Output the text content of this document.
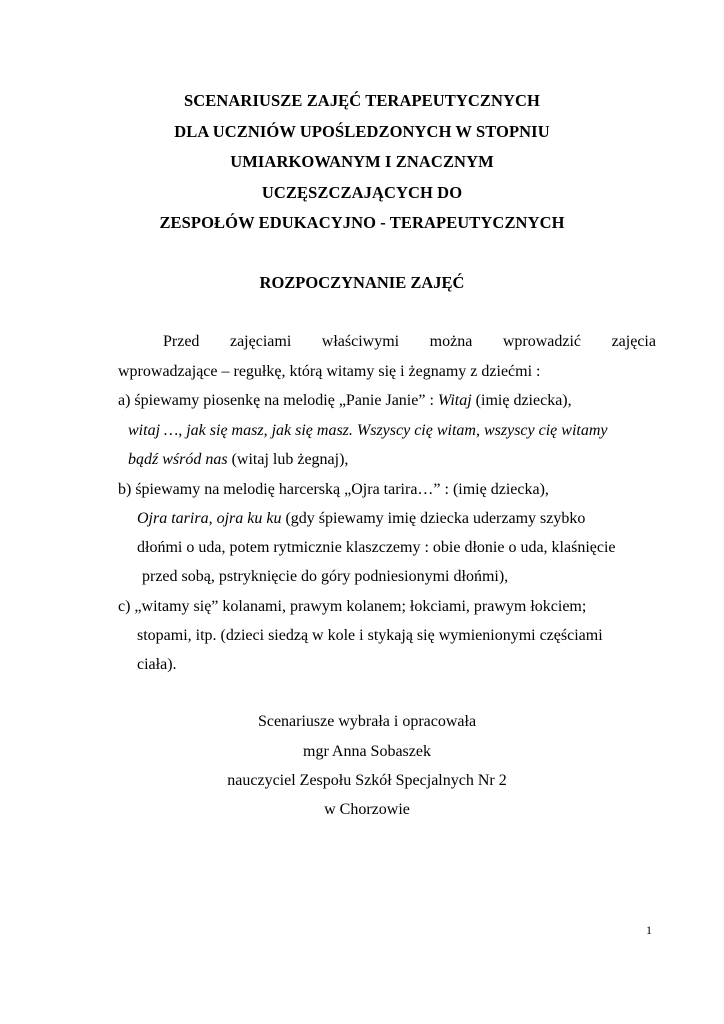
SCENARIUSZE ZAJĘĆ TERAPEUTYCZNYCH
DLA UCZNIÓW UPOŚLEDZONYCH W STOPNIU
UMIARKOWANYM I ZNACZNYM
UCZĘSZCZAJĄCYCH DO
ZESPOŁÓW EDUKACYJNO - TERAPEUTYCZNYCH
ROZPOCZYNANIE ZAJĘĆ
Przed zajęciami właściwymi można wprowadzić zajęcia
wprowadzające – regułkę, którą witamy się i żegnamy z dziećmi :
a) śpiewamy piosenkę na melodię „Panie Janie” : Witaj (imię dziecka),
witaj …, jak się masz, jak się masz. Wszyscy cię witam, wszyscy cię witamy
bądź wśród nas (witaj lub żegnaj),
b) śpiewamy na melodię harcerską „Ojra tarira…” : (imię dziecka),
Ojra tarira, ojra ku ku (gdy śpiewamy imię dziecka uderzamy szybko
dłońmi o uda, potem rytmicznie klaszczemy : obie dłonie o uda, klaśnięcie
przed sobą, pstryknięcie do góry podniesionymi dłońmi),
c) „witamy się” kolanami, prawym kolanem; łokciami, prawym łokciem;
stopami, itp. (dzieci siedzą w kole i stykają się wymienionymi częściami
ciała).
Scenariusze wybrała i opracowała
mgr Anna Sobaszek
nauczyciel Zespołu Szkół Specjalnych Nr 2
w Chorzowie
1
